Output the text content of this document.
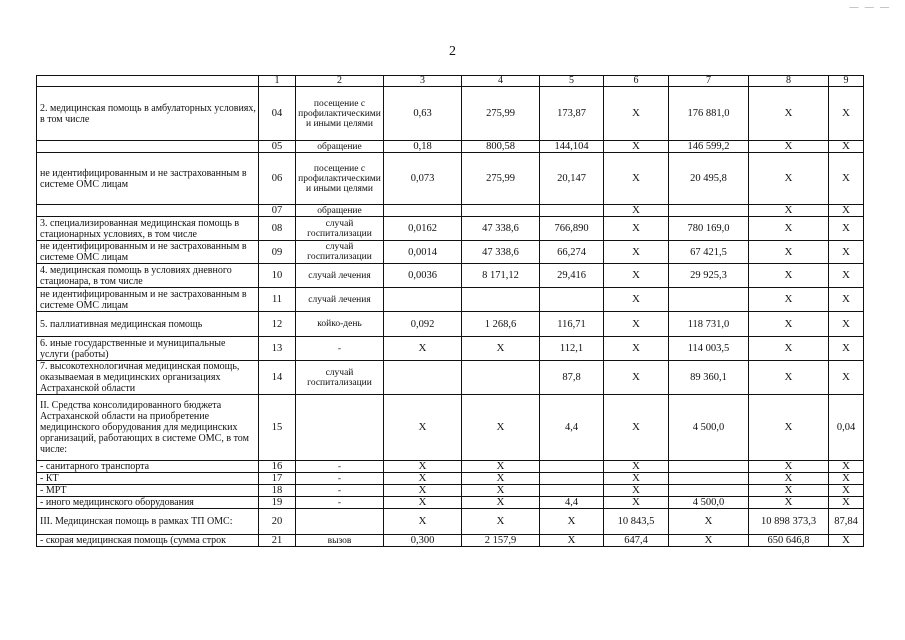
— — —
2
	1	2	3	4	5	6	7	8	9
2. медицинская помощь в амбулаторных условиях, в том числе	04	посещение с профилактическими и иными целями	0,63	275,99	173,87	X	176 881,0	X	X
	05	обращение	0,18	800,58	144,104	X	146 599,2	X	X
не идентифицированным и не застрахованным в системе ОМС лицам	06	посещение с профилактическими и иными целями	0,073	275,99	20,147	X	20 495,8	X	X
	07	обращение				X		X	X
3. специализированная медицинская помощь в стационарных условиях, в том числе	08	случай госпитализации	0,0162	47 338,6	766,890	X	780 169,0	X	X
не идентифицированным и не застрахованным в системе ОМС лицам	09	случай госпитализации	0,0014	47 338,6	66,274	X	67 421,5	X	X
4. медицинская помощь в условиях дневного стационара, в том числе	10	случай лечения	0,0036	8 171,12	29,416	X	29 925,3	X	X
не идентифицированным и не застрахованным в системе ОМС лицам	11	случай лечения				X		X	X
5. паллиативная медицинская помощь	12	койко-день	0,092	1 268,6	116,71	X	118 731,0	X	X
6. иные государственные и муниципальные услуги (работы)	13	-	X	X	112,1	X	114 003,5	X	X
7. высокотехнологичная медицинская помощь, оказываемая в медицинских организациях Астраханской области	14	случай госпитализации			87,8	X	89 360,1	X	X
II. Средства консолидированного бюджета Астраханской области на приобретение медицинского оборудования для медицинских организаций, работающих в системе ОМС, в том числе:	15		X	X	4,4	X	4 500,0	X	0,04
- санитарного транспорта	16	-	X	X		X		X	X
- КТ	17	-	X	X		X		X	X
- МРТ	18	-	X	X		X		X	X
- иного медицинского оборудования	19	-	X	X	4,4	X	4 500,0	X	X
III. Медицинская помощь в рамках ТП ОМС:	20		X	X	X	10 843,5	X	10 898 373,3	87,84
- скорая медицинская помощь (сумма строк	21	вызов	0,300	2 157,9	X	647,4	X	650 646,8	X
